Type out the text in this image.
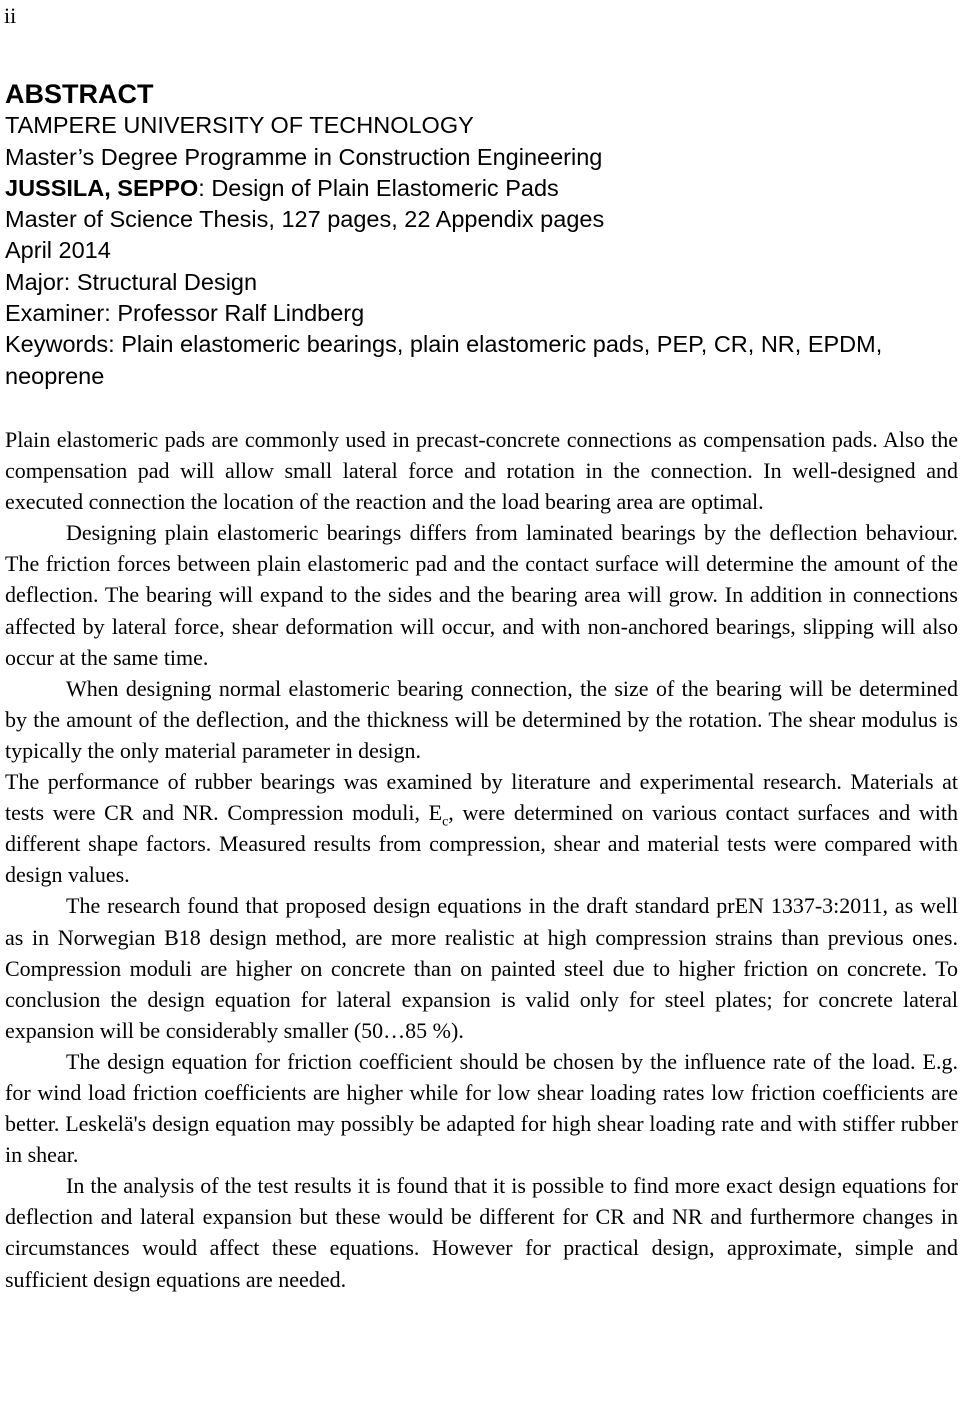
ii
ABSTRACT
TAMPERE UNIVERSITY OF TECHNOLOGY
Master’s Degree Programme in Construction Engineering
JUSSILA, SEPPO: Design of Plain Elastomeric Pads
Master of Science Thesis, 127 pages, 22 Appendix pages
April 2014
Major: Structural Design
Examiner: Professor Ralf Lindberg
Keywords: Plain elastomeric bearings, plain elastomeric pads, PEP, CR, NR, EPDM, neoprene

Plain elastomeric pads are commonly used in precast-concrete connections as compensation pads. Also the compensation pad will allow small lateral force and rotation in the connection. In well-designed and executed connection the location of the reaction and the load bearing area are optimal.

Designing plain elastomeric bearings differs from laminated bearings by the deflection behaviour. The friction forces between plain elastomeric pad and the contact surface will determine the amount of the deflection. The bearing will expand to the sides and the bearing area will grow. In addition in connections affected by lateral force, shear deformation will occur, and with non-anchored bearings, slipping will also occur at the same time.

When designing normal elastomeric bearing connection, the size of the bearing will be determined by the amount of the deflection, and the thickness will be determined by the rotation. The shear modulus is typically the only material parameter in design.

The performance of rubber bearings was examined by literature and experimental research. Materials at tests were CR and NR. Compression moduli, $E_c$, were determined on various contact surfaces and with different shape factors. Measured results from compression, shear and material tests were compared with design values.

The research found that proposed design equations in the draft standard prEN 1337-3:2011, as well as in Norwegian B18 design method, are more realistic at high compression strains than previous ones. Compression moduli are higher on concrete than on painted steel due to higher friction on concrete. To conclusion the design equation for lateral expansion is valid only for steel plates; for concrete lateral expansion will be considerably smaller (50…85 %).

The design equation for friction coefficient should be chosen by the influence rate of the load. E.g. for wind load friction coefficients are higher while for low shear loading rates low friction coefficients are better. Leskelä's design equation may possibly be adapted for high shear loading rate and with stiffer rubber in shear.

In the analysis of the test results it is found that it is possible to find more exact design equations for deflection and lateral expansion but these would be different for CR and NR and furthermore changes in circumstances would affect these equations. However for practical design, approximate, simple and sufficient design equations are needed.
